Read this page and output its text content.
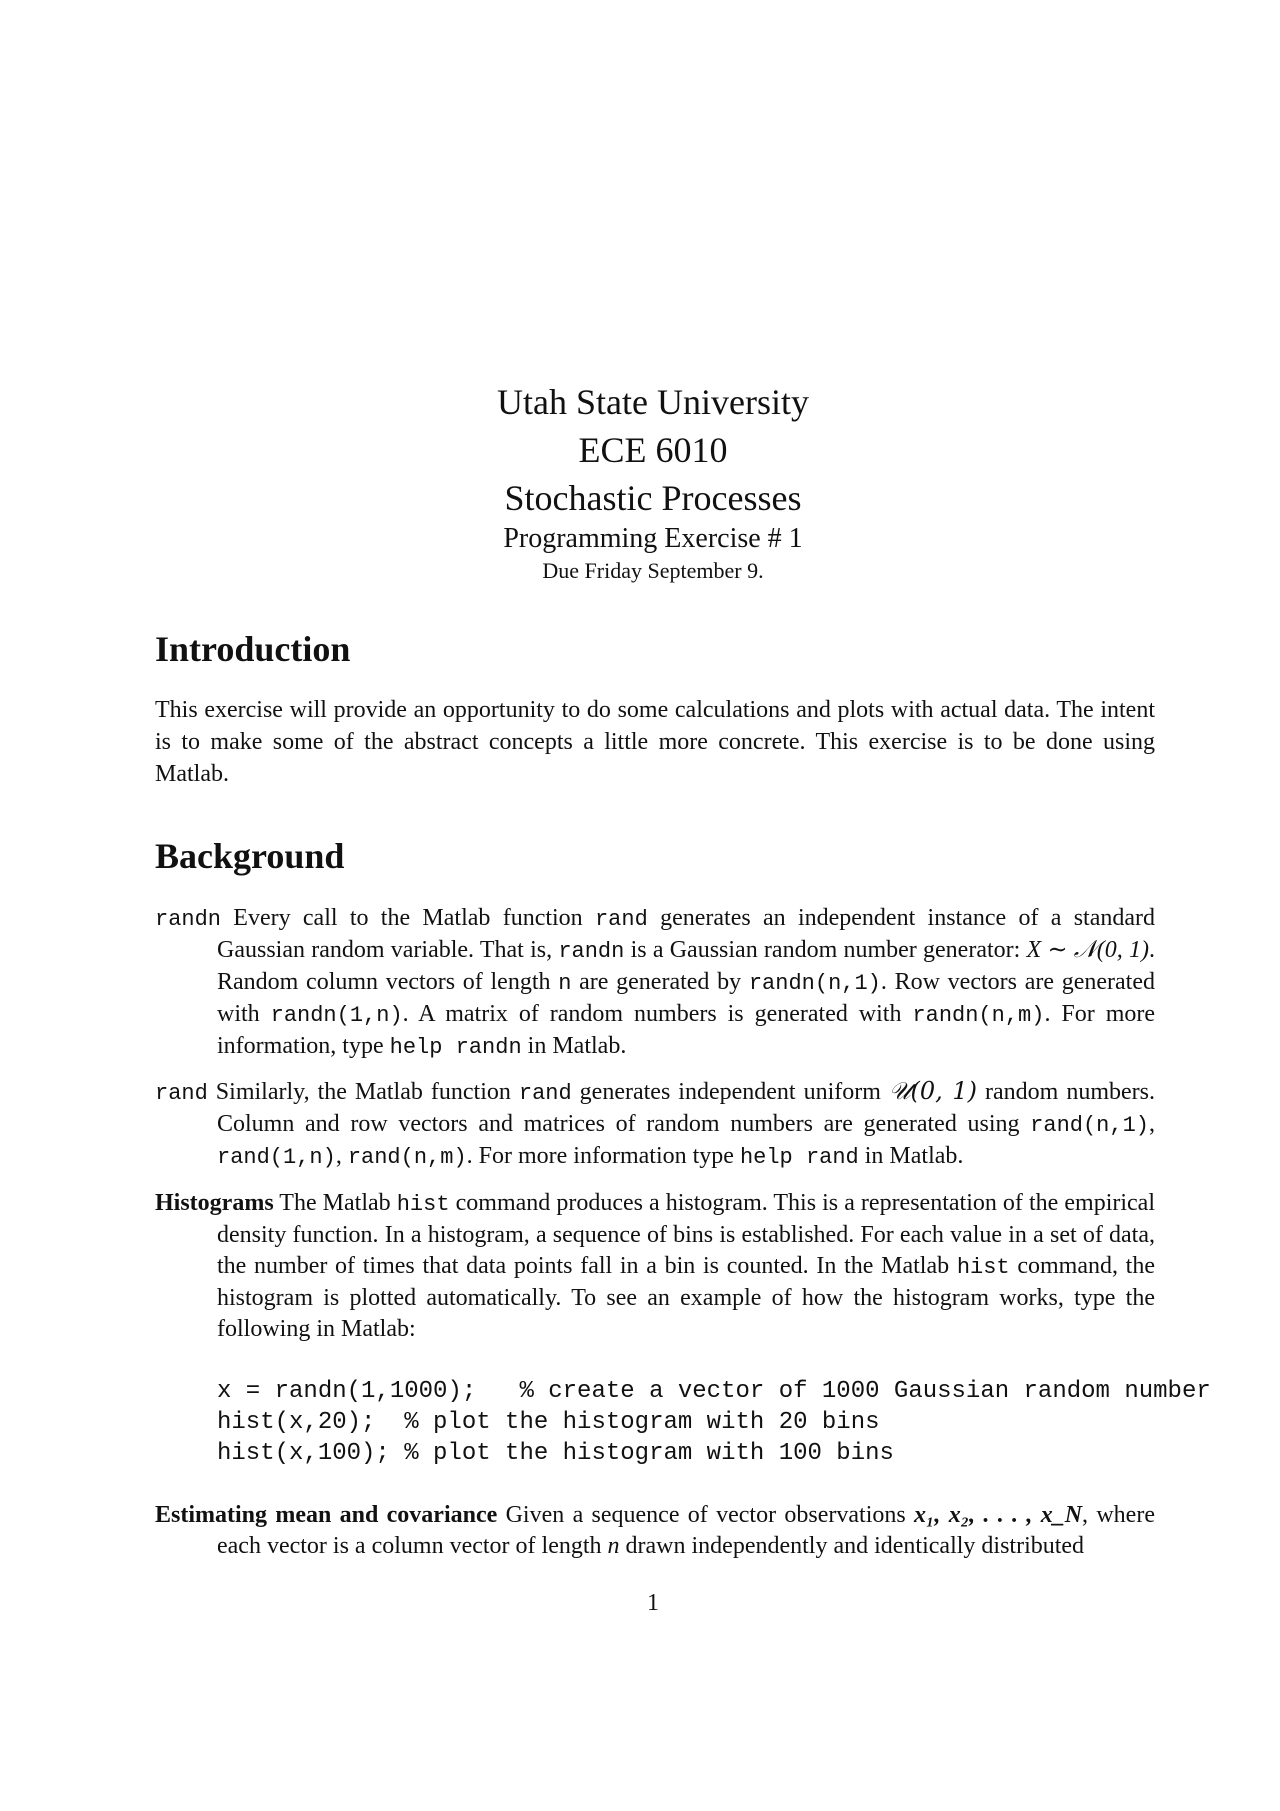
Utah State University
ECE 6010
Stochastic Processes
Programming Exercise # 1
Due Friday September 9.
Introduction
This exercise will provide an opportunity to do some calculations and plots with actual data. The intent is to make some of the abstract concepts a little more concrete. This exercise is to be done using Matlab.
Background
randn Every call to the Matlab function rand generates an independent instance of a standard Gaussian random variable. That is, randn is a Gaussian random number generator: X ∼ 𝒩(0, 1). Random column vectors of length n are generated by randn(n,1). Row vectors are generated with randn(1,n). A matrix of random numbers is generated with randn(n,m). For more information, type help randn in Matlab.
rand Similarly, the Matlab function rand generates independent uniform 𝒰(0, 1) random numbers. Column and row vectors and matrices of random numbers are generated using rand(n,1), rand(1,n), rand(n,m). For more information type help rand in Matlab.
Histograms The Matlab hist command produces a histogram. This is a representation of the empirical density function. In a histogram, a sequence of bins is established. For each value in a set of data, the number of times that data points fall in a bin is counted. In the Matlab hist command, the histogram is plotted automatically. To see an example of how the histogram works, type the following in Matlab:
x = randn(1,1000);   % create a vector of 1000 Gaussian random number
hist(x,20);  % plot the histogram with 20 bins
hist(x,100); % plot the histogram with 100 bins
Estimating mean and covariance Given a sequence of vector observations x₁, x₂, . . . , x_N, where each vector is a column vector of length n drawn independently and identically distributed
1
